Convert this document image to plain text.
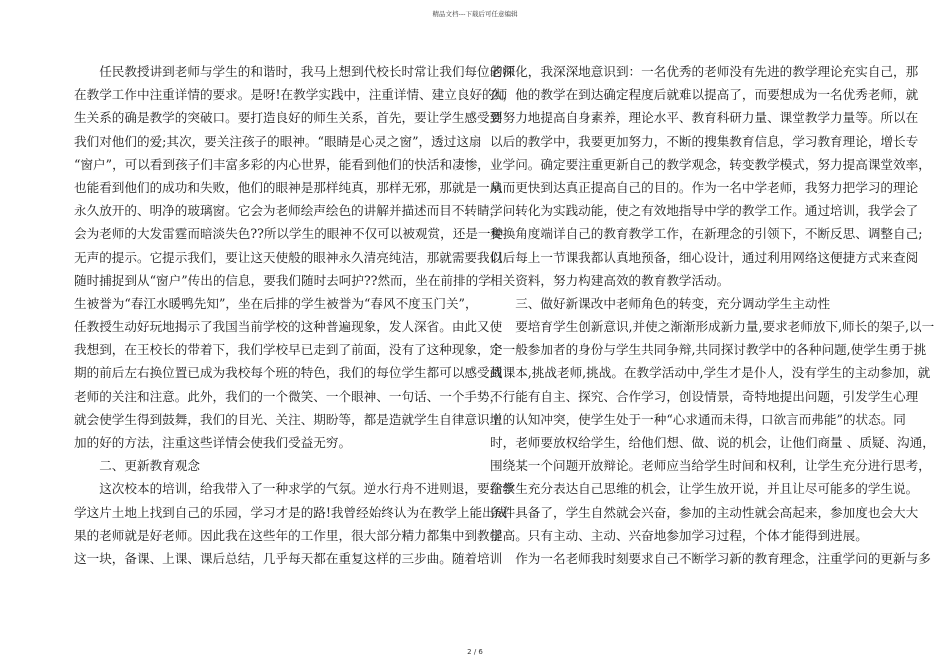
精品文档---下载后可任意编辑
　　任民教授讲到老师与学生的和谐时，我马上想到代校长时常让我们每位老师
在教学工作中注重详情的要求。是呀!在教学实践中，注重详情、建立良好的师
生关系的确是教学的突破口。要打造良好的师生关系，首先，要让学生感受到
我们对他们的爱;其次，要关注孩子的眼神。“眼睛是心灵之窗”，透过这扇
“窗户”，可以看到孩子们丰富多彩的内心世界，能看到他们的快活和凄惨，
也能看到他们的成功和失败，他们的眼神是那样纯真，那样无邪，那就是一扇
永久放开的、明净的玻璃窗。它会为老师绘声绘色的讲解并描述而目不转睛，
会为老师的大发雷霆而暗淡失色??所以学生的眼神不仅可以被观赏，还是一种
无声的提示。它提示我们，要让这天使般的眼神永久清亮纯洁，那就需要我们
随时捕捉到从“窗户”传出的信息，要我们随时去呵护??然而，坐在前排的学
生被誉为“春江水暖鸭先知”，坐在后排的学生被誉为“春风不度玉门关”，
任教授生动好玩地揭示了我国当前学校的这种普遍现象，发人深省。由此又使
我想到，在王校长的带着下，我们学校早已走到了前面，没有了这种现象，定
期的前后左右换位置已成为我校每个班的特色，我们的每位学生都可以感受到
老师的关注和注意。此外，我们的一个微笑、一个眼神、一句话、一个手势，
就会使学生得到鼓舞，我们的目光、关注、期盼等，都是造就学生自律意识增
加的好的方法，注重这些详情会使我们受益无穷。
　　二、更新教育观念
　　这次校本的培训，给我带入了一种求学的气氛。逆水行舟不进则退，要在教
学这片土地上找到自己的乐园，学习才是的路!我曾经始终认为在教学上能出成
果的老师就是好老师。因此我在这些年的工作里，很大部分精力都集中到教学
这一块，备课、上课、课后总结，几乎每天都在重复这样的三步曲。随着培训
的深化，我深深地意识到：一名优秀的老师没有先进的教学理论充实自己，那
么，他的教学在到达确定程度后就难以提高了，而要想成为一名优秀老师，就
要努力地提高自身素养，理论水平、教育科研力量、课堂教学力量等。所以在
以后的教学中，我要更加努力，不断的搜集教育信息，学习教育理论，增长专
业学问。确定要注重更新自己的教学观念，转变教学模式，努力提高课堂效率，
从而更快到达真正提高自己的目的。作为一名中学老师，我努力把学习的理论
学问转化为实践动能，使之有效地指导中学的教学工作。通过培训，我学会了
变换角度端详自己的教育教学工作，在新理念的引领下，不断反思、调整自己;
以后每上一节课我都认真地预备，细心设计，通过利用网络这便捷方式来查阅
相关资料，努力构建高效的教育教学活动。
　　三、做好新课改中老师角色的转变，充分调动学生主动性
　　要培育学生创新意识,并使之渐渐形成新力量,要求老师放下,师长的架子,以一
个一般参加者的身份与学生共同争辩,共同探讨教学中的各种问题,使学生勇于挑
战课本,挑战老师,挑战。在教学活动中,学生才是仆人，没有学生的主动参加，就
不行能有自主、探究、合作学习，创设情景，奇特地提出问题，引发学生心理
上的认知冲突，使学生处于一种“心求通而未得，口欲言而弗能”的状态。同
时，老师要放权给学生，给他们想、做、说的机会，让他们商量 、质疑、沟通，
围绕某一个问题开放辩论。老师应当给学生时间和权利，让学生充分进行思考，
给学生充分表达自己思维的机会，让学生放开说，并且让尽可能多的学生说。
条件具备了，学生自然就会兴奋，参加的主动性就会高起来，参加度也会大大
提高。只有主动、主动、兴奋地参加学习过程，个体才能得到进展。
　　作为一名老师我时刻要求自己不断学习新的教育理念，注重学问的更新与多
2 / 6
